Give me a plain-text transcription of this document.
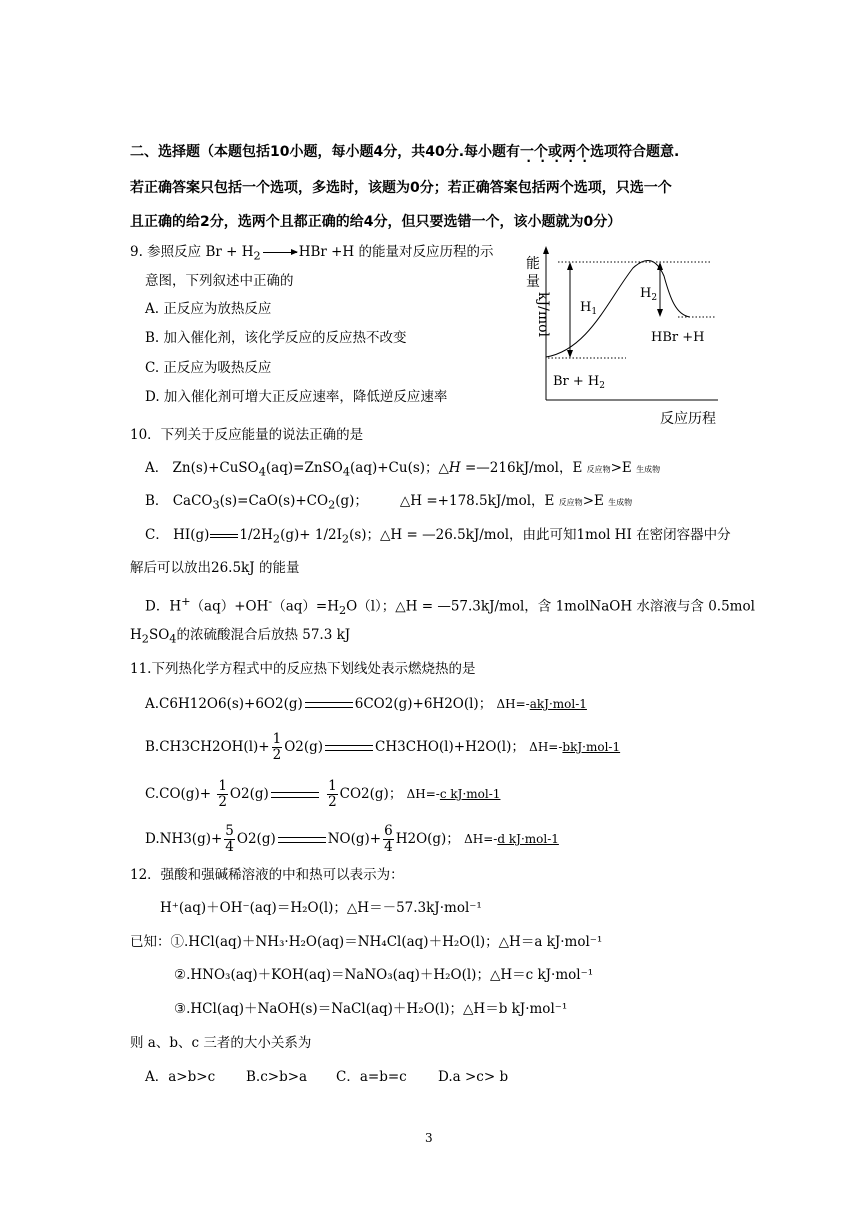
二、选择题（本题包括10小题，每小题4分，共40分.每小题有一个或两个选项符合题意.
若正确答案只包括一个选项，多选时，该题为0分；若正确答案包括两个选项，只选一个
且正确的给2分，选两个且都正确的给4分，但只要选错一个，该小题就为0分）
9. 参照反应 $Br + H_2$ → HBr +H 的能量对反应历程的示
意图，下列叙述中正确的
A. 正反应为放热反应
B. 加入催化剂，该化学反应的反应热不改变
C. 正反应为吸热反应
D. 加入催化剂可增大正反应速率，降低逆反应速率
能
量
kJ/mol $H_1$
$H_2$
HBr +H
$Br + H_2$
反应历程
10．下列关于反应能量的说法正确的是
A． Zn(s)+CuSO$_4$(aq)=ZnSO$_4$(aq)+Cu(s)；△H =—216kJ/mol，E 反应物>E 生成物
B． $CaCO_3(s)=CaO(s)+CO_2(g)$； △H =+178.5kJ/mol，E 反应物>E 生成物
C． HI(g) $1/2H_2(g)+ 1/2I_2(s)$；△H = —26.5kJ/mol，由此可知1mol HI 在密闭容器中分
解后可以放出26.5kJ 的能量
D．$H^+(aq)+OH^-(aq)=H_2O(l)$；△H = —57.3kJ/mol，含 1molNaOH 水溶液与含 0.5mol
$H_2SO_4$的浓硫酸混合后放热 57.3 kJ
11.下列热化学方程式中的反应热下划线处表示燃烧热的是
A.C6H12O6(s)+6O2(g)	6CO2(g)+6H2O(l)； ΔH=-akJ·mol-1
$B.CH3CH2OH(l)+ \frac{1}{2} O2(g)$	CH3CHO(l)+H2O(l)； ΔH=-bkJ·mol-1
$C.CO(g)+ \frac{1}{2} O2(g)$	$\frac{1}{2} CO2(g)$； ΔH=-c kJ·mol-1
$D.NH3(g)+ \frac{5}{4} O2(g)$	$NO(g)+ \frac{6}{4} H2O(g)$； ΔH=-d kJ·mol-1
12．强酸和强碱稀溶液的中和热可以表示为：
H⁺(aq)＋OH⁻(aq)＝H₂O(l)；△H＝－57.3kJ·mol⁻¹
已知：①.HCl(aq)＋NH₃·H₂O(aq)＝NH₄Cl(aq)＋H₂O(l)；△H＝a kJ·mol⁻¹
②.HNO₃(aq)＋KOH(aq)＝NaNO₃(aq)＋H₂O(l)；△H＝c kJ·mol⁻¹
③.HCl(aq)＋NaOH(s)＝NaCl(aq)＋H₂O(l)；△H＝b kJ·mol⁻¹
则 a、b、c 三者的大小关系为
A．a>b>c B.c>b>a C．a=b=c D.a >c> b
3
